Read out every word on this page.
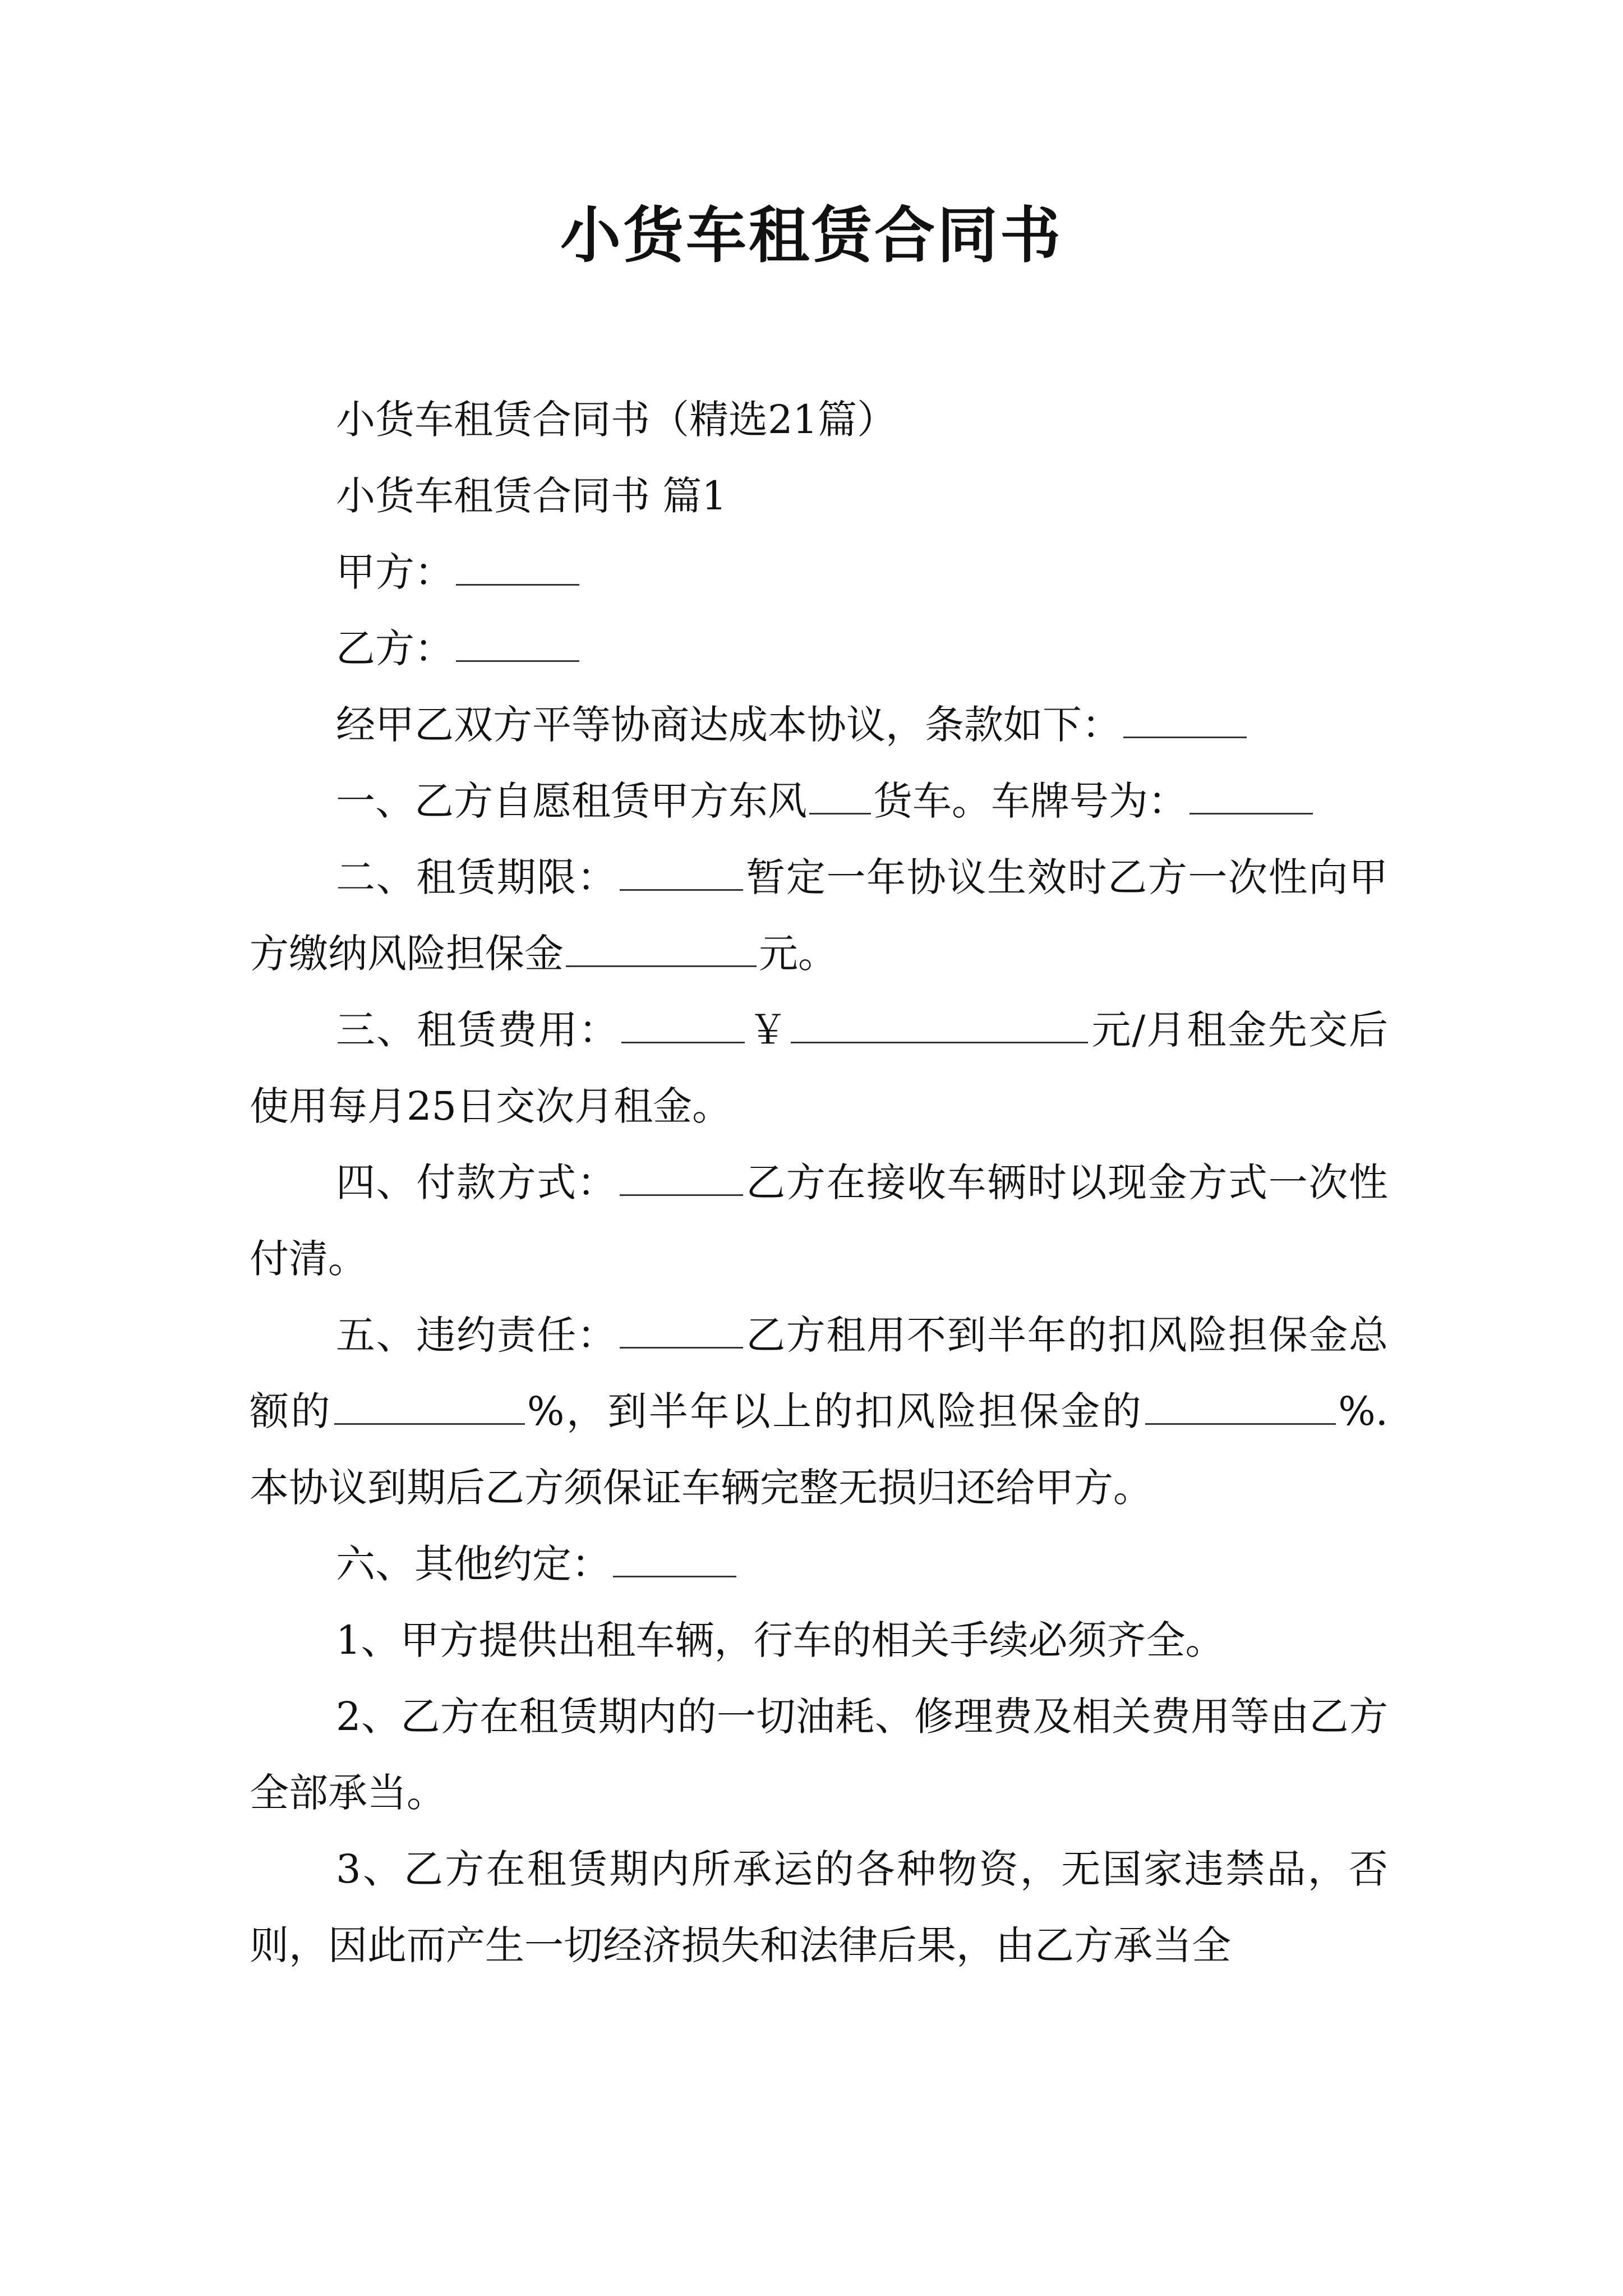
小货车租赁合同书

小货车租赁合同书（精选21篇）

小货车租赁合同书 篇1

甲方：

乙方：

经甲乙双方平等协商达成本协议，条款如下：

一、乙方自愿租赁甲方东风 货车。车牌号为：

二、租赁期限：	暂定一年协议生效时乙方一次性向甲方缴纳风险担保金	元。

三、租赁费用：	￥	元/月租金先交后使用每月25日交次月租金。

四、付款方式：	乙方在接收车辆时以现金方式一次性付清。

五、违约责任：	乙方租用不到半年的扣风险担保金总额的	%，到半年以上的扣风险担保金的	%.本协议到期后乙方须保证车辆完整无损归还给甲方。

六、其他约定：

1、甲方提供出租车辆，行车的相关手续必须齐全。

2、乙方在租赁期内的一切油耗、修理费及相关费用等由乙方全部承当。

3、乙方在租赁期内所承运的各种物资，无国家违禁品，否则，因此而产生一切经济损失和法律后果，由乙方承当全
